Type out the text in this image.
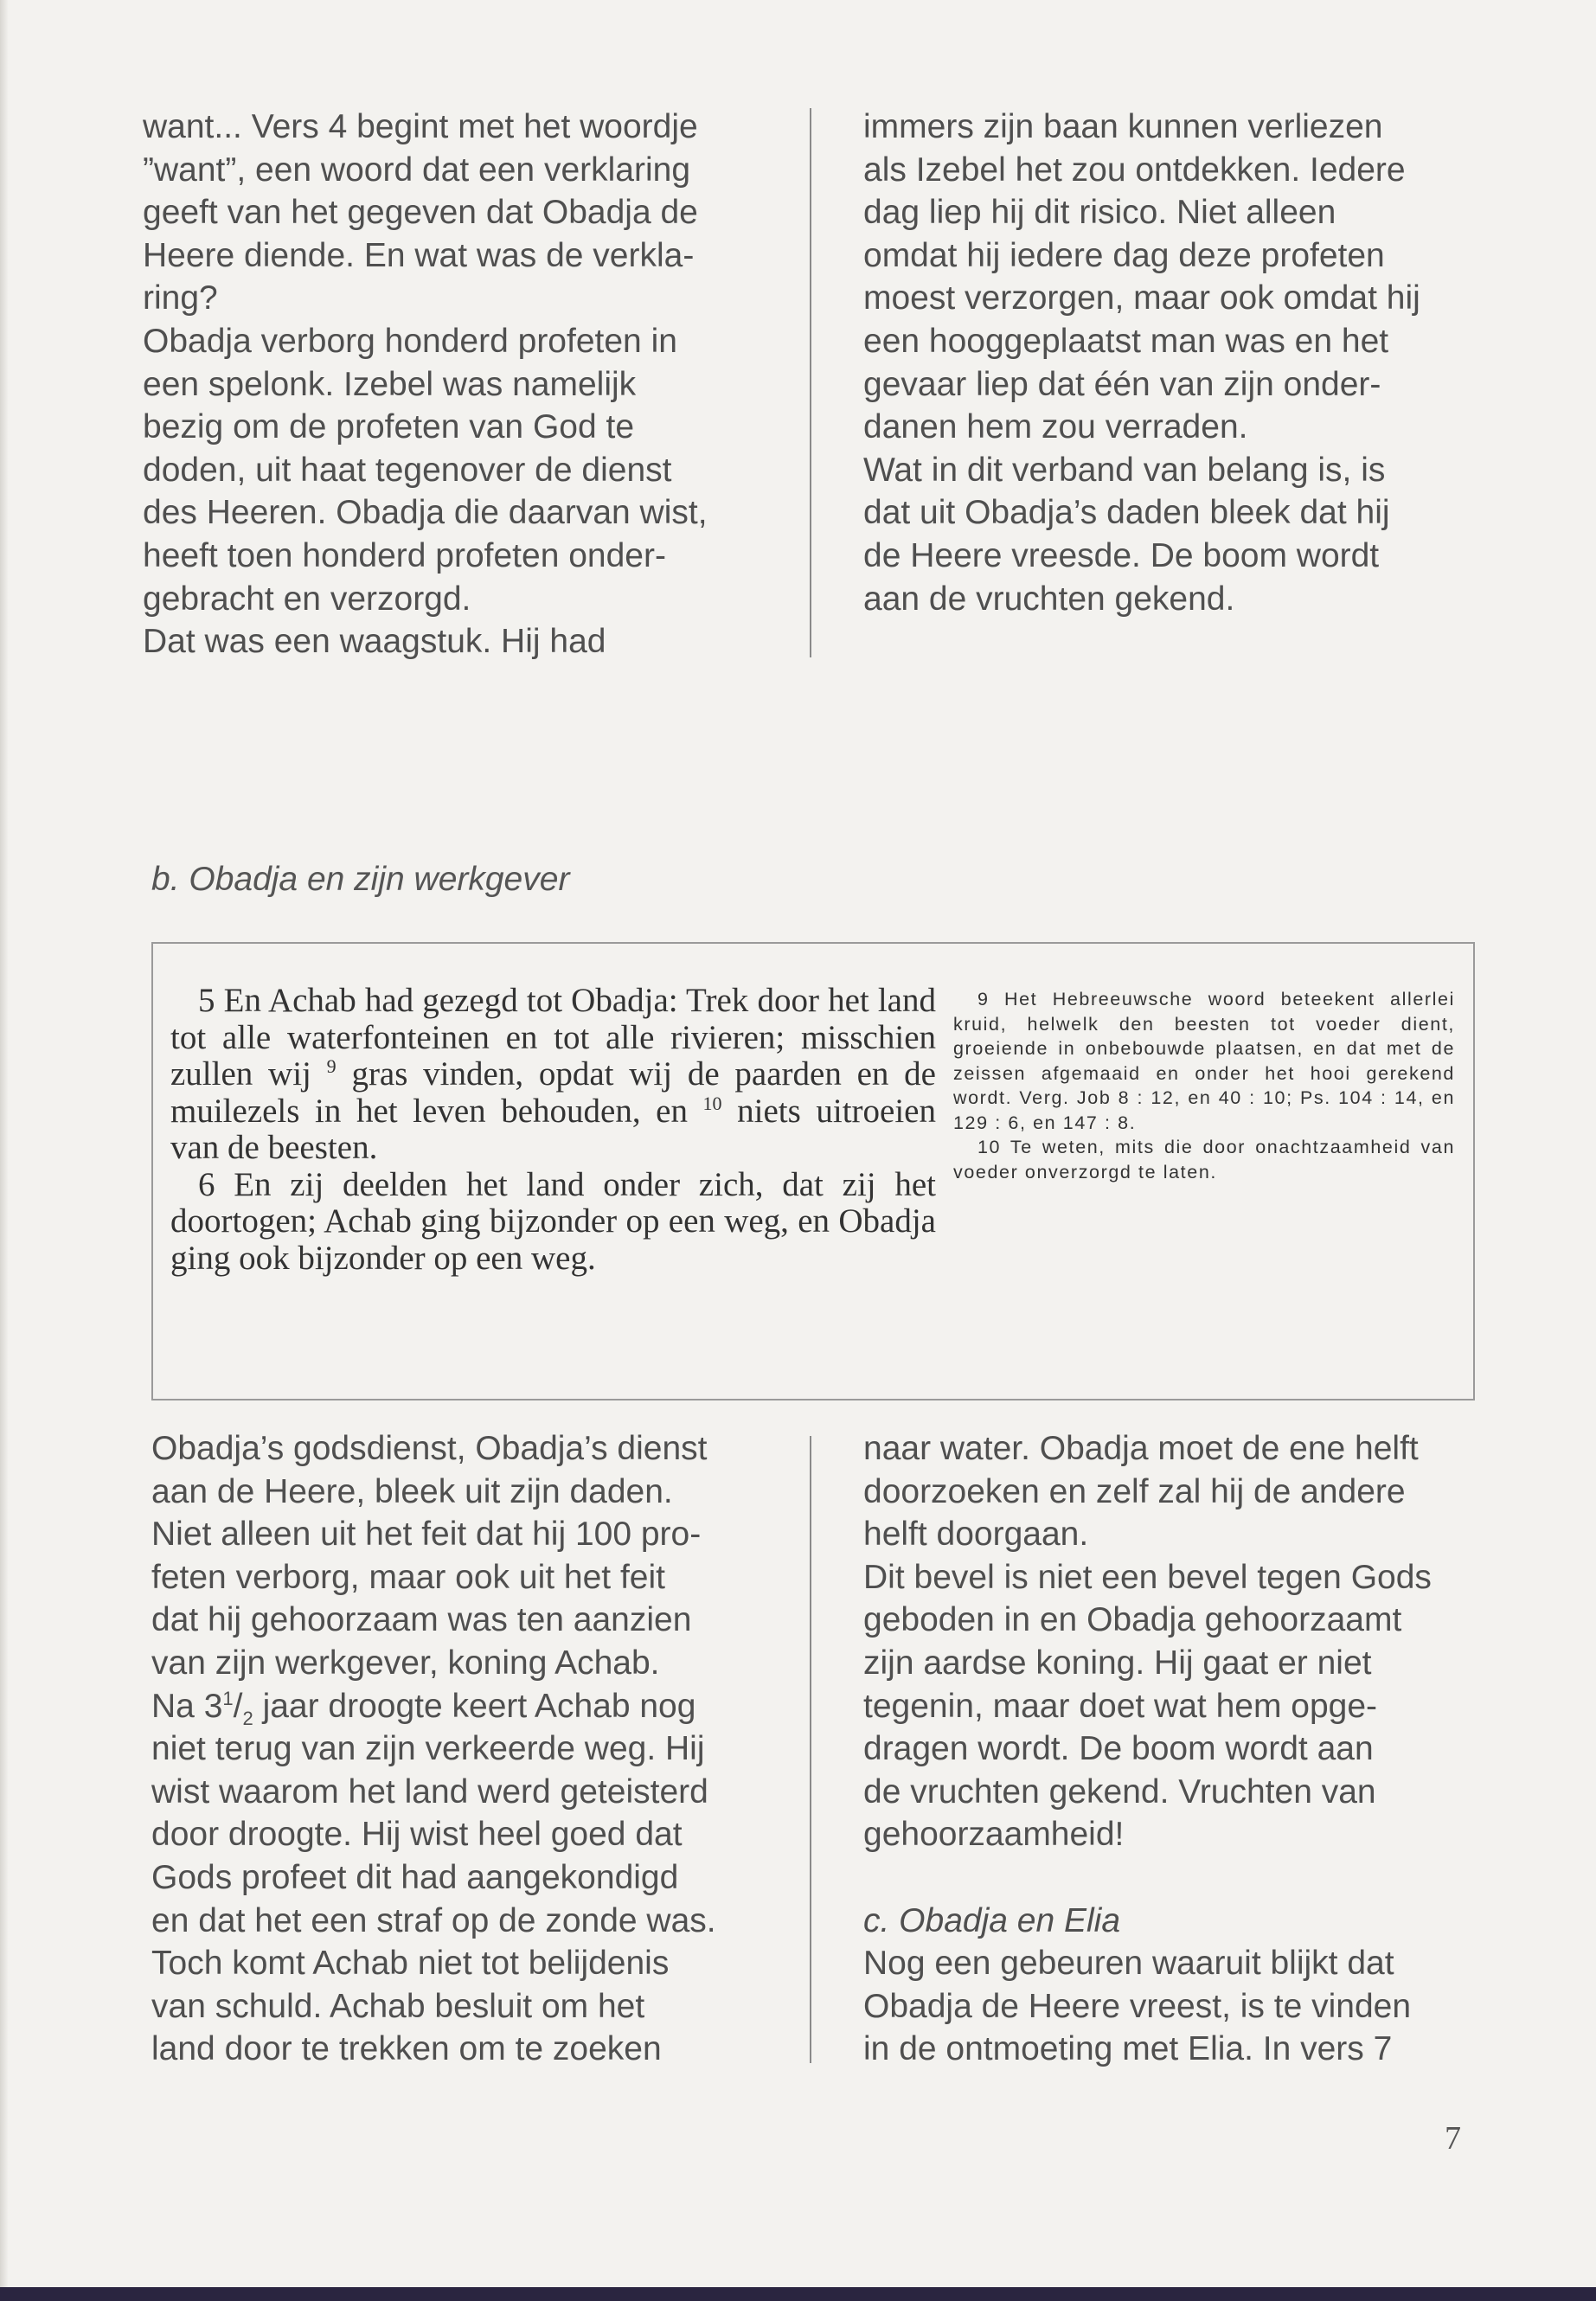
want... Vers 4 begint met het woordje

”want”, een woord dat een verklaring

geeft van het gegeven dat Obadja de

Heere diende. En wat was de verkla-

ring?

Obadja verborg honderd profeten in

een spelonk. Izebel was namelijk

bezig om de profeten van God te

doden, uit haat tegenover de dienst

des Heeren. Obadja die daarvan wist,

heeft toen honderd profeten onder-

gebracht en verzorgd.

Dat was een waagstuk. Hij had

immers zijn baan kunnen verliezen

als Izebel het zou ontdekken. Iedere

dag liep hij dit risico. Niet alleen

omdat hij iedere dag deze profeten

moest verzorgen, maar ook omdat hij

een hooggeplaatst man was en het

gevaar liep dat één van zijn onder-

danen hem zou verraden.

Wat in dit verband van belang is, is

dat uit Obadja’s daden bleek dat hij

de Heere vreesde. De boom wordt

aan de vruchten gekend.

b. Obadja en zijn werkgever

5 En Achab had gezegd tot Obadja: Trek door het land tot alle waterfonteinen en tot alle rivieren; misschien zullen wij $^9$ gras vinden, opdat wij de paarden en de muilezels in het leven behouden, en $^{10}$ niets uitroeien van de beesten.

6 En zij deelden het land onder zich, dat zij het doortogen; Achab ging bijzonder op een weg, en Obadja ging ook bijzonder op een weg.

9 Het Hebreeuwsche woord beteekent allerlei kruid, helwelk den beesten tot voeder dient, groeiende in onbebouwde plaatsen, en dat met de zeissen afgemaaid en onder het hooi gerekend wordt. Verg. Job 8 : 12, en 40 : 10; Ps. 104 : 14, en 129 : 6, en 147 : 8.

10 Te weten, mits die door onachtzaamheid van voeder onverzorgd te laten.

Obadja’s godsdienst, Obadja’s dienst

aan de Heere, bleek uit zijn daden.

Niet alleen uit het feit dat hij 100 pro-

feten verborg, maar ook uit het feit

dat hij gehoorzaam was ten aanzien

van zijn werkgever, koning Achab.

Na $3^1/_2$ jaar droogte keert Achab nog

niet terug van zijn verkeerde weg. Hij

wist waarom het land werd geteisterd

door droogte. Hij wist heel goed dat

Gods profeet dit had aangekondigd

en dat het een straf op de zonde was.

Toch komt Achab niet tot belijdenis

van schuld. Achab besluit om het

land door te trekken om te zoeken

naar water. Obadja moet de ene helft

doorzoeken en zelf zal hij de andere

helft doorgaan.

Dit bevel is niet een bevel tegen Gods

geboden in en Obadja gehoorzaamt

zijn aardse koning. Hij gaat er niet

tegenin, maar doet wat hem opge-

dragen wordt. De boom wordt aan

de vruchten gekend. Vruchten van

gehoorzaamheid!

c. Obadja en Elia

Nog een gebeuren waaruit blijkt dat

Obadja de Heere vreest, is te vinden

in de ontmoeting met Elia. In vers 7

7
